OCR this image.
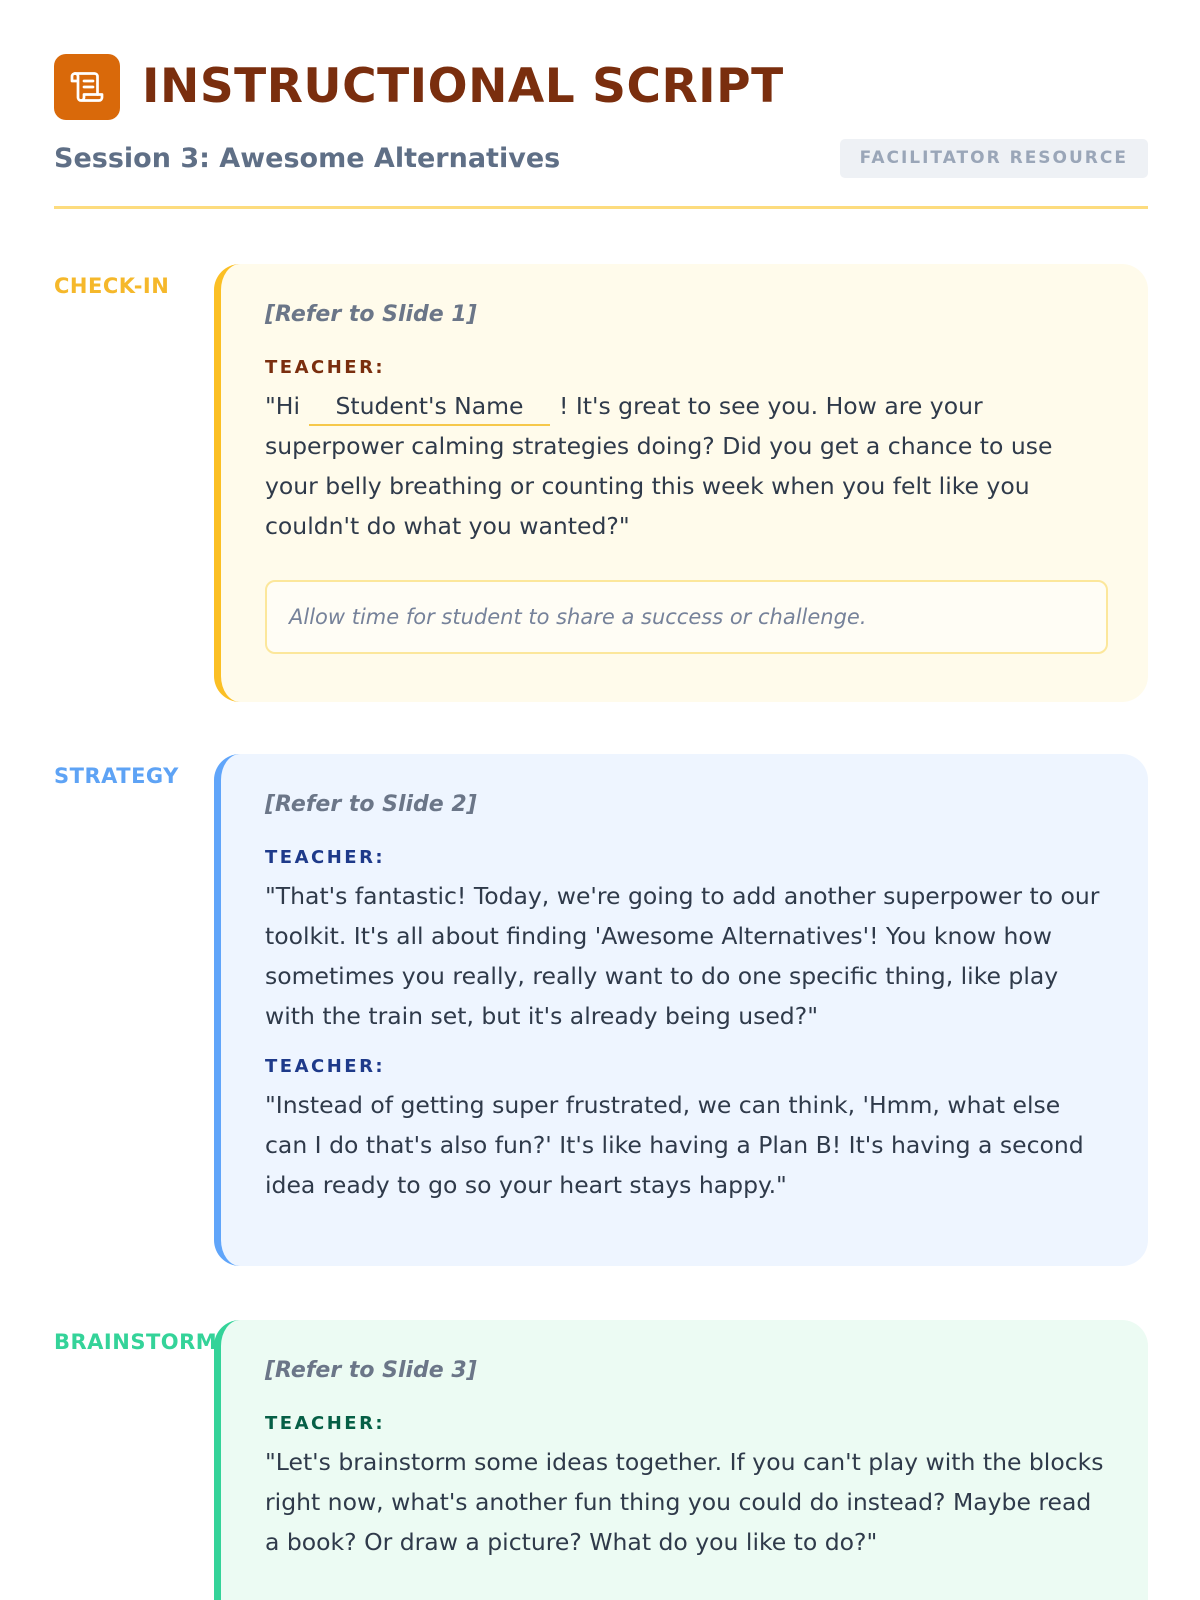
INSTRUCTIONAL SCRIPT
Session 3: Awesome Alternatives	FACILITATOR RESOURCE
CHECK-IN
[Refer to Slide 1]
TEACHER:
"Hi Student's Name ! It's great to see you. How are your superpower calming strategies doing? Did you get a chance to use your belly breathing or counting this week when you felt like you couldn't do what you wanted?"
Allow time for student to share a success or challenge.
STRATEGY
[Refer to Slide 2]
TEACHER:
"That's fantastic! Today, we're going to add another superpower to our toolkit. It's all about finding 'Awesome Alternatives'! You know how sometimes you really, really want to do one specific thing, like play with the train set, but it's already being used?"
TEACHER:
"Instead of getting super frustrated, we can think, 'Hmm, what else can I do that's also fun?' It's like having a Plan B! It's having a second idea ready to go so your heart stays happy."
BRAINSTORM
[Refer to Slide 3]
TEACHER:
"Let's brainstorm some ideas together. If you can't play with the blocks right now, what's another fun thing you could do instead? Maybe read a book? Or draw a picture? What do you like to do?"
